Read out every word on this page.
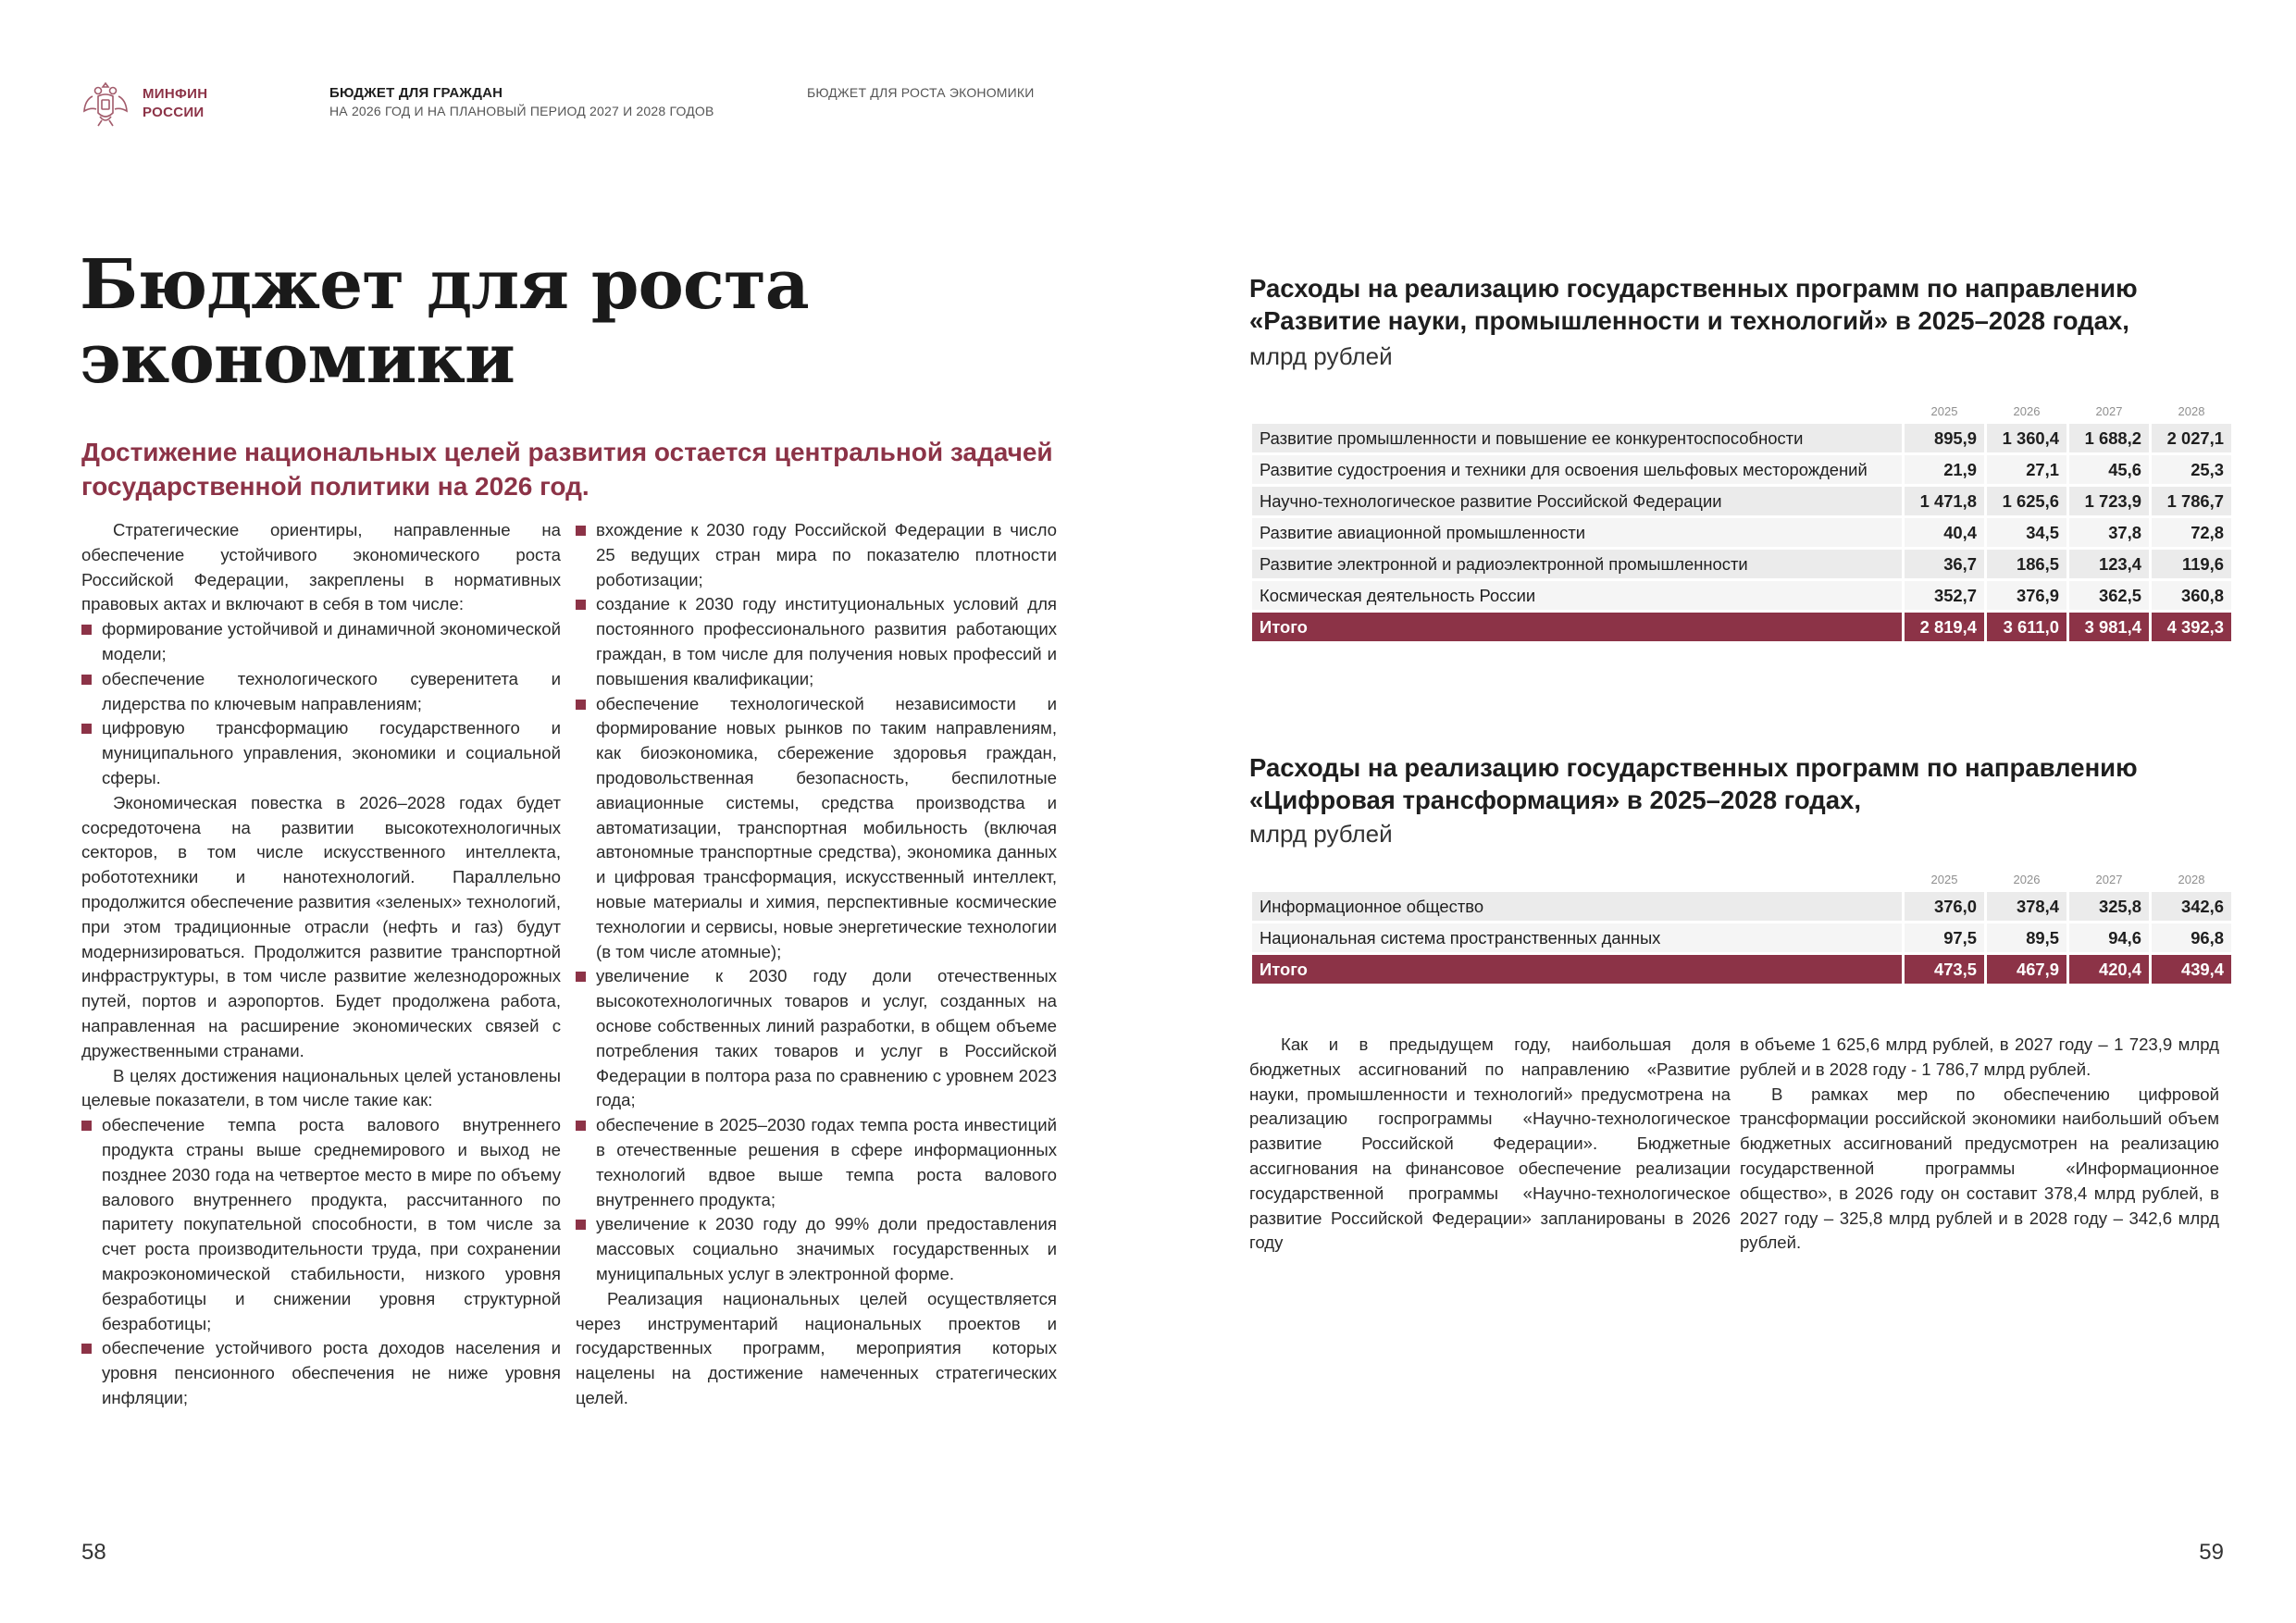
МИНФИН
РОССИИ
БЮДЖЕТ ДЛЯ ГРАЖДАН
НА 2026 ГОД И НА ПЛАНОВЫЙ ПЕРИОД 2027 И 2028 ГОДОВ
БЮДЖЕТ ДЛЯ РОСТА ЭКОНОМИКИ
Бюджет для роста
экономики
Достижение национальных целей развития остается центральной задачей государственной политики на 2026 год.

Стратегические ориентиры, направленные на обеспечение устойчивого экономического роста Российской Федерации, закреплены в нормативных правовых актах и включают в себя в том числе:

формирование устойчивой и динамичной экономической модели;
обеспечение технологического суверенитета и лидерства по ключевым направлениям;
цифровую трансформацию государственного и муниципального управления, экономики и социальной сферы.

Экономическая повестка в 2026–2028 годах будет сосредоточена на развитии высокотехнологичных секторов, в том числе искусственного интеллекта, робототехники и нанотехнологий. Параллельно продолжится обеспечение развития «зеленых» технологий, при этом традиционные отрасли (нефть и газ) будут модернизироваться. Продолжится развитие транспортной инфраструктуры, в том числе развитие железнодорожных путей, портов и аэропортов. Будет продолжена работа, направленная на расширение экономических связей с дружественными странами.

В целях достижения национальных целей установлены целевые показатели, в том числе такие как:

обеспечение темпа роста валового внутреннего продукта страны выше среднемирового и выход не позднее 2030 года на четвертое место в мире по объему валового внутреннего продукта, рассчитанного по паритету покупательной способности, в том числе за счет роста производительности труда, при сохранении макроэкономической стабильности, низкого уровня безработицы и снижении уровня структурной безработицы;
обеспечение устойчивого роста доходов населения и уровня пенсионного обеспечения не ниже уровня инфляции;
вхождение к 2030 году Российской Федерации в число 25 ведущих стран мира по показателю плотности роботизации;
создание к 2030 году институциональных условий для постоянного профессионального развития работающих граждан, в том числе для получения новых профессий и повышения квалификации;
обеспечение технологической независимости и формирование новых рынков по таким направлениям, как биоэкономика, сбережение здоровья граждан, продовольственная безопасность, беспилотные авиационные системы, средства производства и автоматизации, транспортная мобильность (включая автономные транспортные средства), экономика данных и цифровая трансформация, искусственный интеллект, новые материалы и химия, перспективные космические технологии и сервисы, новые энергетические технологии (в том числе атомные);
увеличение к 2030 году доли отечественных высокотехнологичных товаров и услуг, созданных на основе собственных линий разработки, в общем объеме потребления таких товаров и услуг в Российской Федерации в полтора раза по сравнению с уровнем 2023 года;
обеспечение в 2025–2030 годах темпа роста инвестиций в отечественные решения в сфере информационных технологий вдвое выше темпа роста валового внутреннего продукта;
увеличение к 2030 году до 99% доли предоставления массовых социально значимых государственных и муниципальных услуг в электронной форме.

Реализация национальных целей осуществляется через инструментарий национальных проектов и государственных программ, мероприятия которых нацелены на достижение намеченных стратегических целей.

58
Расходы на реализацию государственных программ по направлению «Развитие науки, промышленности и технологий» в 2025–2028 годах,
млрд рублей
	2025	2026	2027	2028
Развитие промышленности и повышение ее конкурентоспособности	895,9	1 360,4	1 688,2	2 027,1
Развитие судостроения и техники для освоения шельфовых месторождений	21,9	27,1	45,6	25,3
Научно-технологическое развитие Российской Федерации	1 471,8	1 625,6	1 723,9	1 786,7
Развитие авиационной промышленности	40,4	34,5	37,8	72,8
Развитие электронной и радиоэлектронной промышленности	36,7	186,5	123,4	119,6
Космическая деятельность России	352,7	376,9	362,5	360,8
Итого	2 819,4	3 611,0	3 981,4	4 392,3
Расходы на реализацию государственных программ по направлению «Цифровая трансформация» в 2025–2028 годах,
млрд рублей
	2025	2026	2027	2028
Информационное общество	376,0	378,4	325,8	342,6
Национальная система пространственных данных	97,5	89,5	94,6	96,8
Итого	473,5	467,9	420,4	439,4

Как и в предыдущем году, наибольшая доля бюджетных ассигнований по направлению «Развитие науки, промышленности и технологий» предусмотрена на реализацию госпрограммы «Научно-технологическое развитие Российской Федерации». Бюджетные ассигнования на финансовое обеспечение реализации государственной программы «Научно-технологическое развитие Российской Федерации» запланированы в 2026 году

в объеме 1 625,6 млрд рублей, в 2027 году – 1 723,9 млрд рублей и в 2028 году - 1 786,7 млрд рублей.

В рамках мер по обеспечению цифровой трансформации российской экономики наибольший объем бюджетных ассигнований предусмотрен на реализацию государственной программы «Информационное общество», в 2026 году он составит 378,4 млрд рублей, в 2027 году – 325,8 млрд рублей и в 2028 году – 342,6 млрд рублей.

59
